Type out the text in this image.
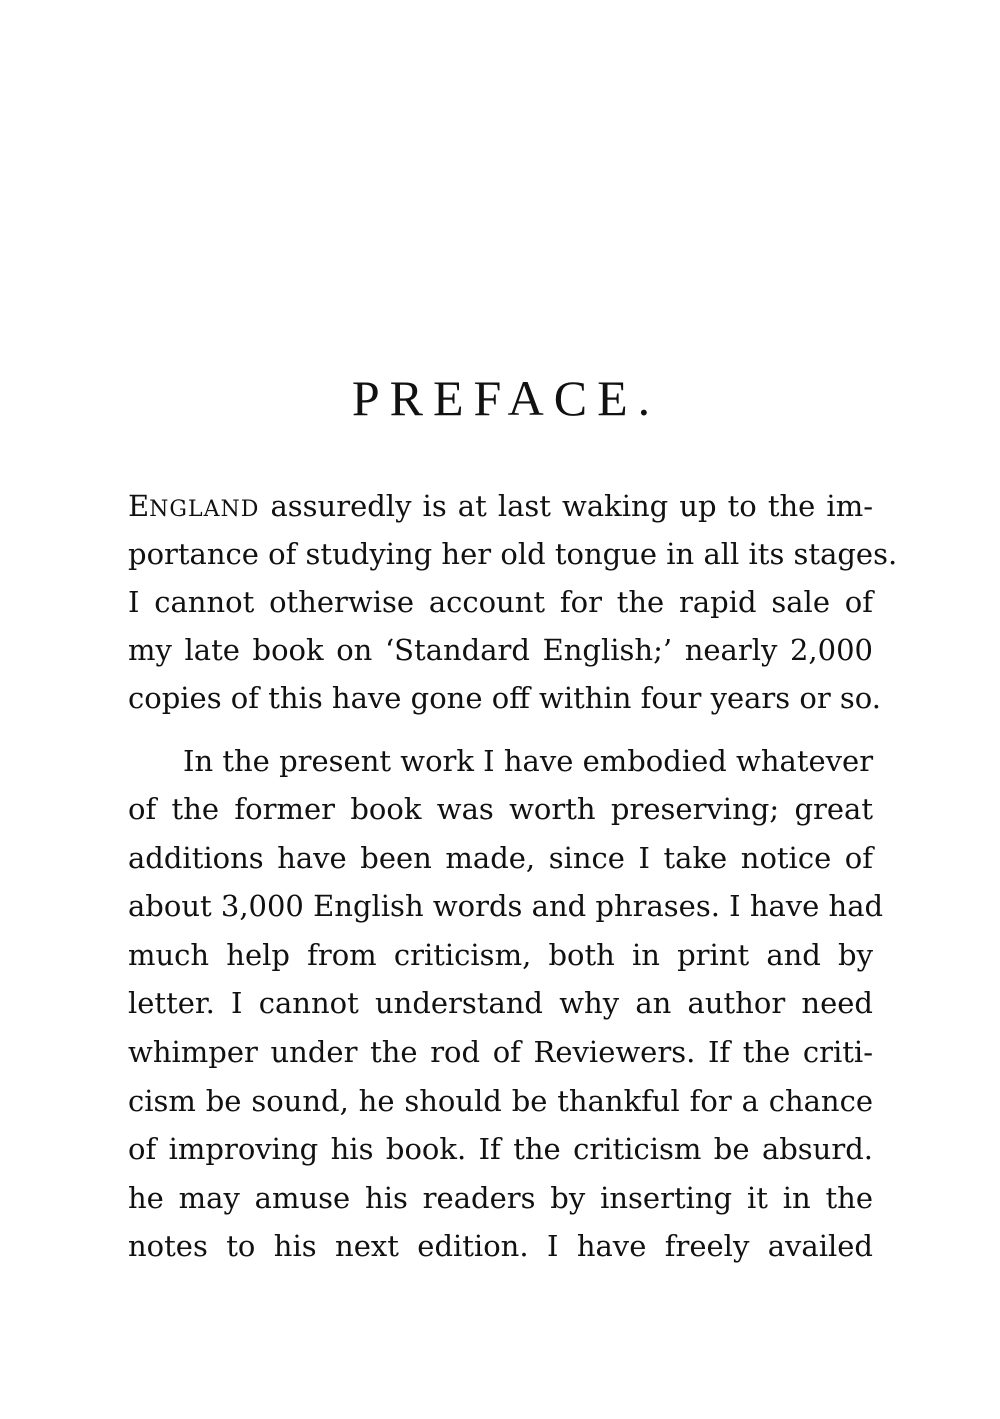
PREFACE.

ENGLAND assuredly is at last waking up to the im-

portance of studying her old tongue in all its stages.

I cannot otherwise account for the rapid sale of

my late book on ‘Standard English;’ nearly 2,000

copies of this have gone off within four years or so.

In the present work I have embodied whatever

of the former book was worth preserving; great

additions have been made, since I take notice of

about 3,000 English words and phrases. I have had

much help from criticism, both in print and by

letter. I cannot understand why an author need

whimper under the rod of Reviewers. If the criti-

cism be sound, he should be thankful for a chance

of improving his book. If the criticism be absurd.

he may amuse his readers by inserting it in the

notes to his next edition. I have freely availed
